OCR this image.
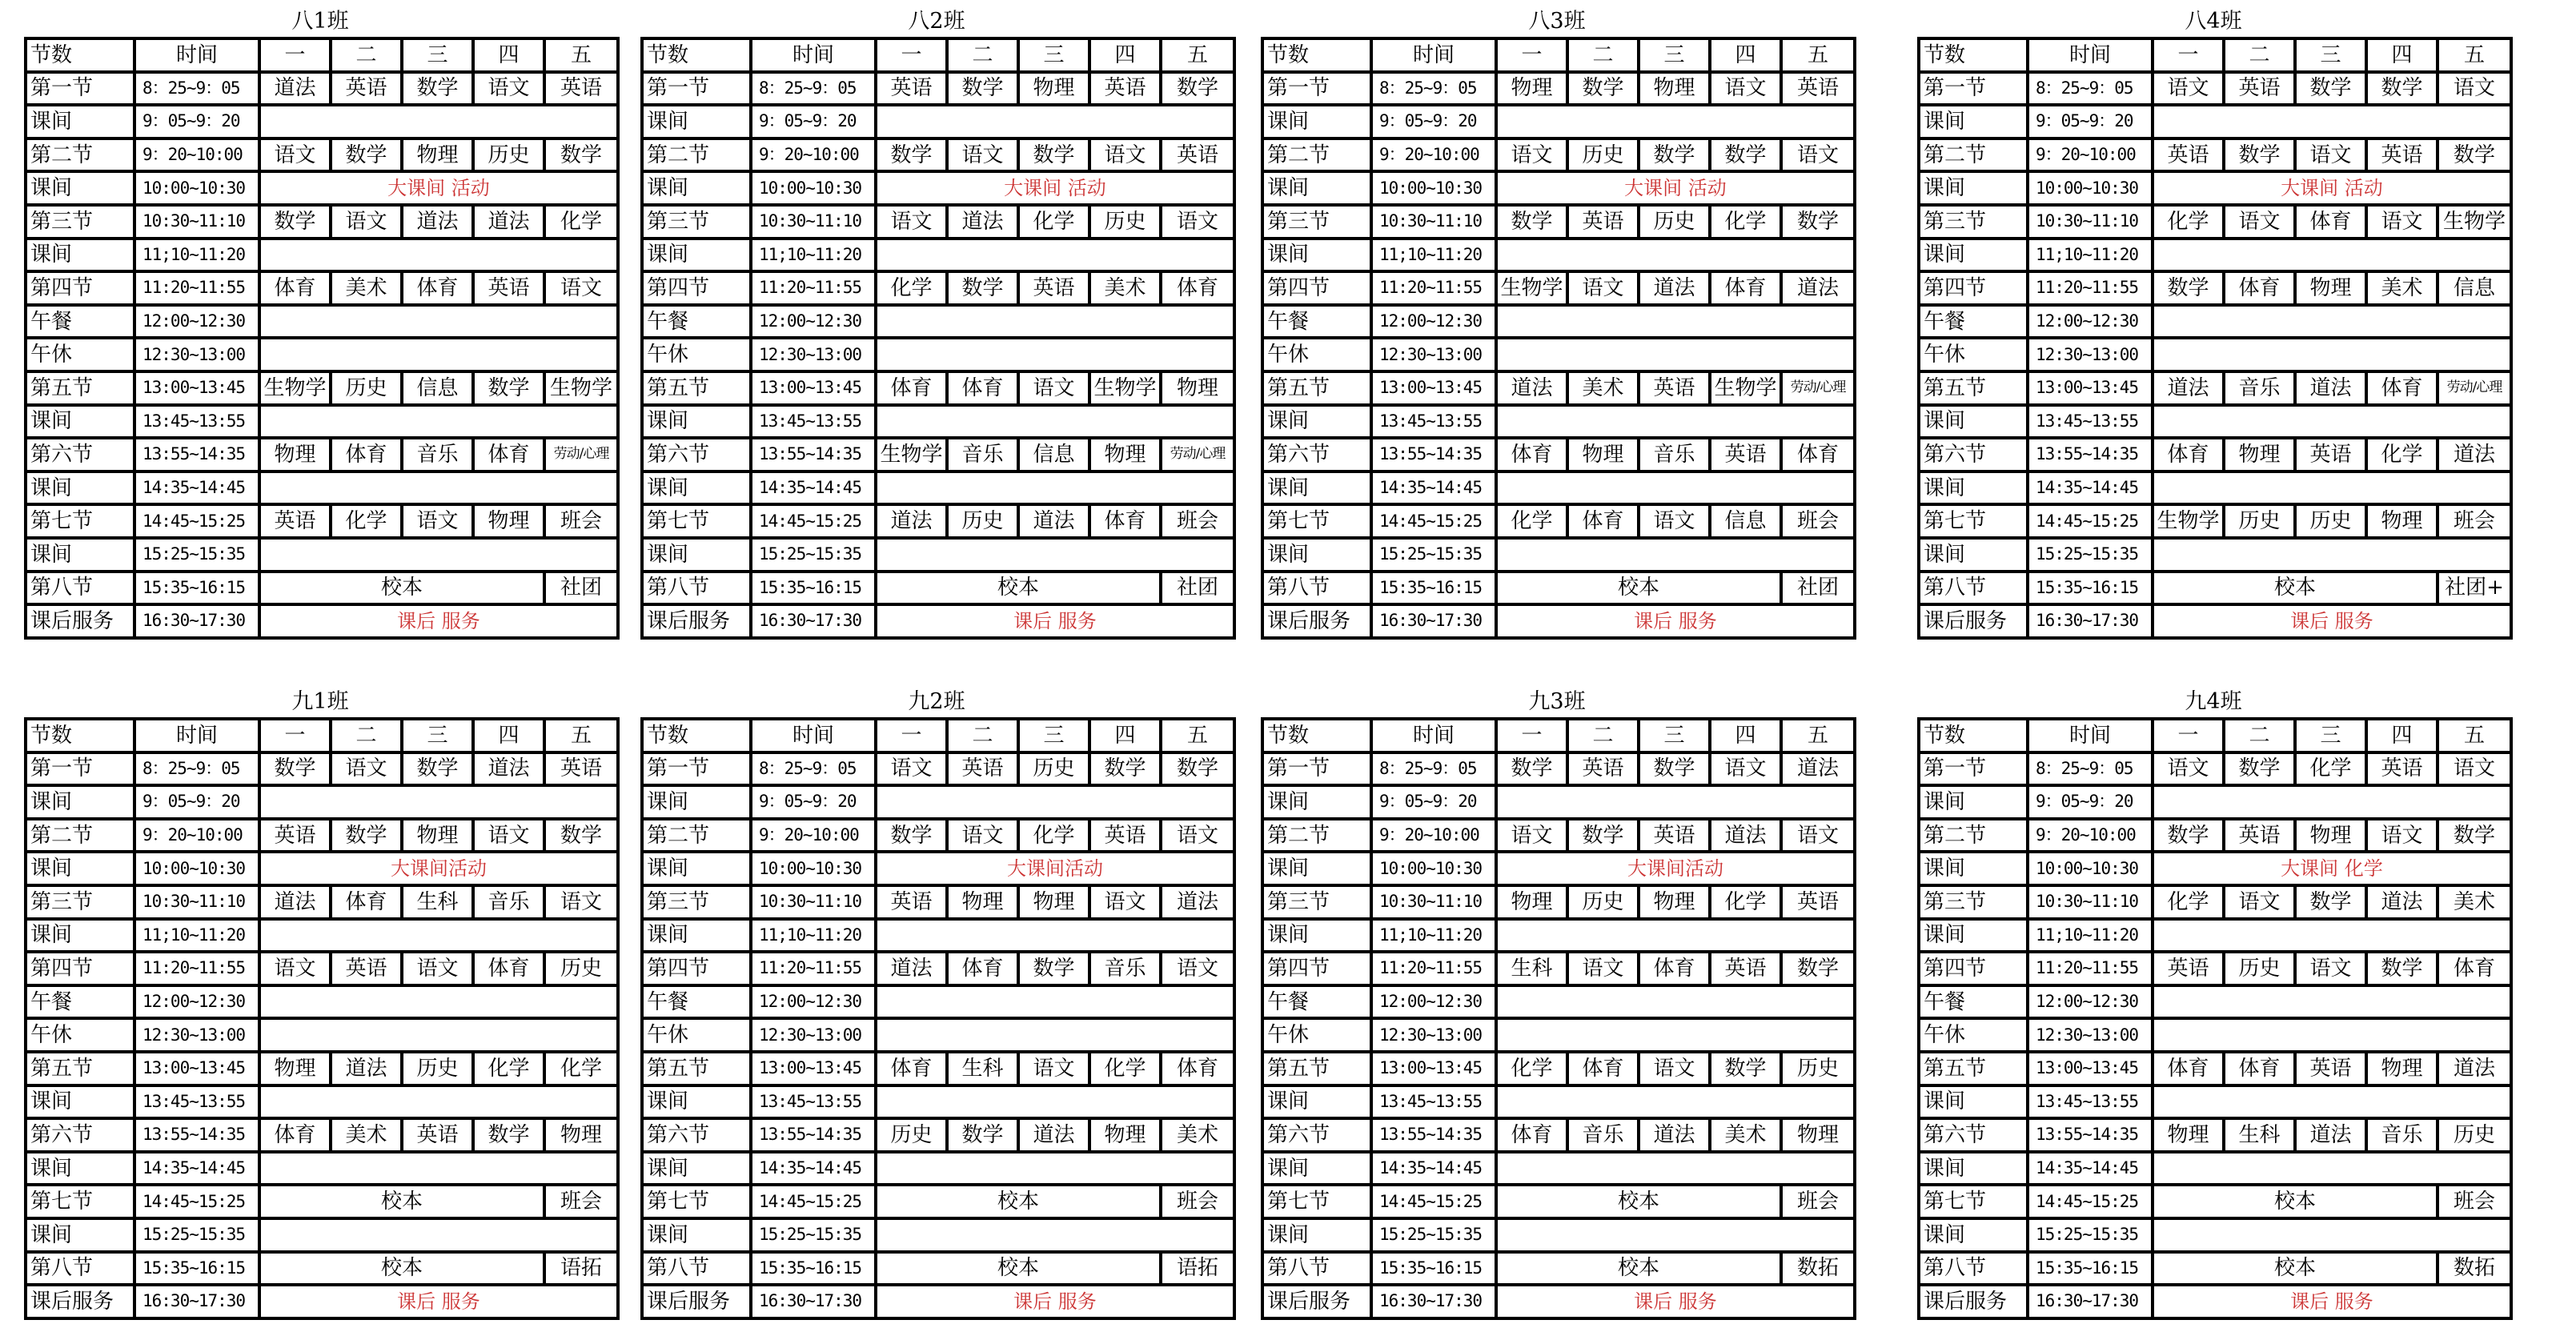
八1班
节数	时间	一	二	三	四	五
第一节	8：25~9：05	道法	英语	数学	语文	英语
课间	9：05~9：20					
第二节	9：20~10:00	语文	数学	物理	历史	数学
课间	10:00~10:30	大课间 活动				
第三节	10:30~11:10	数学	语文	道法	道法	化学
课间	11;10~11:20					
第四节	11:20~11:55	体育	美术	体育	英语	语文
午餐	12:00~12:30					
午休	12:30~13:00					
第五节	13:00~13:45	生物学	历史	信息	数学	生物学
课间	13:45~13:55					
第六节	13:55~14:35	物理	体育	音乐	体育	劳动/心理
课间	14:35~14:45					
第七节	14:45~15:25	英语	化学	语文	物理	班会
课间	15:25~15:35					
第八节	15:35~16:15	校本				社团
课后服务	16:30~17:30	课后 服务				
八2班
节数	时间	一	二	三	四	五
第一节	8：25~9：05	英语	数学	物理	英语	数学
课间	9：05~9：20					
第二节	9：20~10:00	数学	语文	数学	语文	英语
课间	10:00~10:30	大课间 活动				
第三节	10:30~11:10	语文	道法	化学	历史	语文
课间	11;10~11:20					
第四节	11:20~11:55	化学	数学	英语	美术	体育
午餐	12:00~12:30					
午休	12:30~13:00					
第五节	13:00~13:45	体育	体育	语文	生物学	物理
课间	13:45~13:55					
第六节	13:55~14:35	生物学	音乐	信息	物理	劳动/心理
课间	14:35~14:45					
第七节	14:45~15:25	道法	历史	道法	体育	班会
课间	15:25~15:35					
第八节	15:35~16:15	校本				社团
课后服务	16:30~17:30	课后 服务				
八3班
节数	时间	一	二	三	四	五
第一节	8：25~9：05	物理	数学	物理	语文	英语
课间	9：05~9：20					
第二节	9：20~10:00	语文	历史	数学	数学	语文
课间	10:00~10:30	大课间 活动				
第三节	10:30~11:10	数学	英语	历史	化学	数学
课间	11;10~11:20					
第四节	11:20~11:55	生物学	语文	道法	体育	道法
午餐	12:00~12:30					
午休	12:30~13:00					
第五节	13:00~13:45	道法	美术	英语	生物学	劳动/心理
课间	13:45~13:55					
第六节	13:55~14:35	体育	物理	音乐	英语	体育
课间	14:35~14:45					
第七节	14:45~15:25	化学	体育	语文	信息	班会
课间	15:25~15:35					
第八节	15:35~16:15	校本				社团
课后服务	16:30~17:30	课后 服务				
八4班
节数	时间	一	二	三	四	五
第一节	8：25~9：05	语文	英语	数学	数学	语文
课间	9：05~9：20					
第二节	9：20~10:00	英语	数学	语文	英语	数学
课间	10:00~10:30	大课间 活动				
第三节	10:30~11:10	化学	语文	体育	语文	生物学
课间	11;10~11:20					
第四节	11:20~11:55	数学	体育	物理	美术	信息
午餐	12:00~12:30					
午休	12:30~13:00					
第五节	13:00~13:45	道法	音乐	道法	体育	劳动/心理
课间	13:45~13:55					
第六节	13:55~14:35	体育	物理	英语	化学	道法
课间	14:35~14:45					
第七节	14:45~15:25	生物学	历史	历史	物理	班会
课间	15:25~15:35					
第八节	15:35~16:15	校本				社团+
课后服务	16:30~17:30	课后 服务				
九1班
节数	时间	一	二	三	四	五
第一节	8：25~9：05	数学	语文	数学	道法	英语
课间	9：05~9：20					
第二节	9：20~10:00	英语	数学	物理	语文	数学
课间	10:00~10:30	大课间活动				
第三节	10:30~11:10	道法	体育	生科	音乐	语文
课间	11;10~11:20					
第四节	11:20~11:55	语文	英语	语文	体育	历史
午餐	12:00~12:30					
午休	12:30~13:00					
第五节	13:00~13:45	物理	道法	历史	化学	化学
课间	13:45~13:55					
第六节	13:55~14:35	体育	美术	英语	数学	物理
课间	14:35~14:45					
第七节	14:45~15:25	校本				班会
课间	15:25~15:35					
第八节	15:35~16:15	校本				语拓
课后服务	16:30~17:30	课后 服务				
九2班
节数	时间	一	二	三	四	五
第一节	8：25~9：05	语文	英语	历史	数学	数学
课间	9：05~9：20					
第二节	9：20~10:00	数学	语文	化学	英语	语文
课间	10:00~10:30	大课间活动				
第三节	10:30~11:10	英语	物理	物理	语文	道法
课间	11;10~11:20					
第四节	11:20~11:55	道法	体育	数学	音乐	语文
午餐	12:00~12:30					
午休	12:30~13:00					
第五节	13:00~13:45	体育	生科	语文	化学	体育
课间	13:45~13:55					
第六节	13:55~14:35	历史	数学	道法	物理	美术
课间	14:35~14:45					
第七节	14:45~15:25	校本				班会
课间	15:25~15:35					
第八节	15:35~16:15	校本				语拓
课后服务	16:30~17:30	课后 服务				
九3班
节数	时间	一	二	三	四	五
第一节	8：25~9：05	数学	英语	数学	语文	道法
课间	9：05~9：20					
第二节	9：20~10:00	语文	数学	英语	道法	语文
课间	10:00~10:30	大课间活动				
第三节	10:30~11:10	物理	历史	物理	化学	英语
课间	11;10~11:20					
第四节	11:20~11:55	生科	语文	体育	英语	数学
午餐	12:00~12:30					
午休	12:30~13:00					
第五节	13:00~13:45	化学	体育	语文	数学	历史
课间	13:45~13:55					
第六节	13:55~14:35	体育	音乐	道法	美术	物理
课间	14:35~14:45					
第七节	14:45~15:25	校本				班会
课间	15:25~15:35					
第八节	15:35~16:15	校本				数拓
课后服务	16:30~17:30	课后 服务				
九4班
节数	时间	一	二	三	四	五
第一节	8：25~9：05	语文	数学	化学	英语	语文
课间	9：05~9：20					
第二节	9：20~10:00	数学	英语	物理	语文	数学
课间	10:00~10:30	大课间 化学				
第三节	10:30~11:10	化学	语文	数学	道法	美术
课间	11;10~11:20					
第四节	11:20~11:55	英语	历史	语文	数学	体育
午餐	12:00~12:30					
午休	12:30~13:00					
第五节	13:00~13:45	体育	体育	英语	物理	道法
课间	13:45~13:55					
第六节	13:55~14:35	物理	生科	道法	音乐	历史
课间	14:35~14:45					
第七节	14:45~15:25	校本				班会
课间	15:25~15:35					
第八节	15:35~16:15	校本				数拓
课后服务	16:30~17:30	课后 服务				
